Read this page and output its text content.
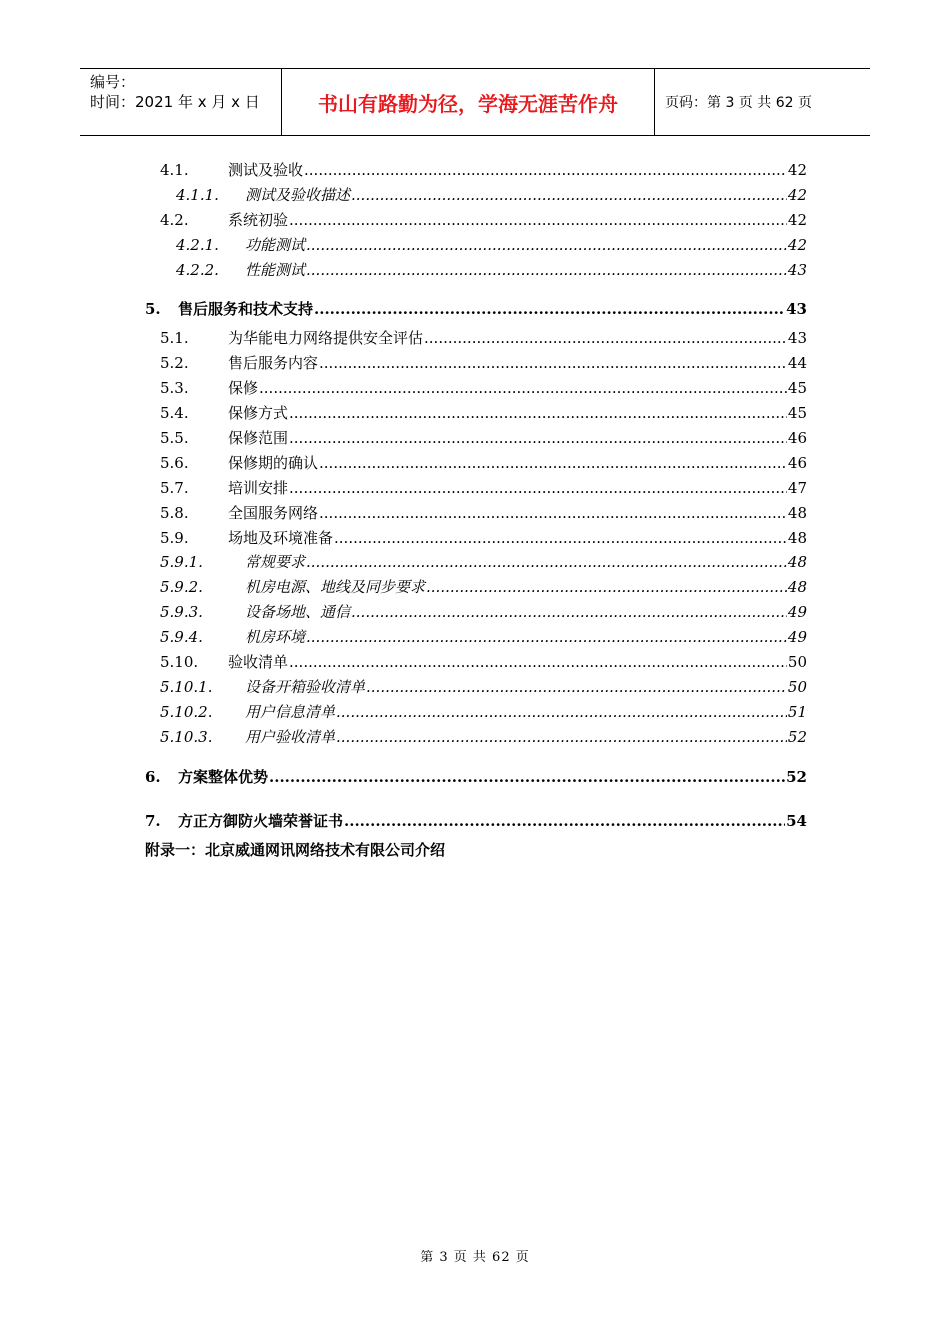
编号：
时间：2021 年 x 月 x 日	书山有路勤为径，学海无涯苦作舟	页码：第 3 页 共 62 页
4.1.	测试及验收 .....	42
4.1.1.	测试及验收描述 .....	42
4.2.	系统初验 .....	42
4.2.1.	功能测试 .....	42
4.2.2.	性能测试 .....	43
5.	售后服务和技术支持 .....	43
5.1.	为华能电力网络提供安全评估 .....	43
5.2.	售后服务内容 .....	44
5.3.	保修 .....	45
5.4.	保修方式 .....	45
5.5.	保修范围 .....	46
5.6.	保修期的确认 .....	46
5.7.	培训安排 .....	47
5.8.	全国服务网络 .....	48
5.9.	场地及环境准备 .....	48
5.9.1.	常规要求 .....	48
5.9.2.	机房电源、地线及同步要求 .....	48
5.9.3.	设备场地、通信 .....	49
5.9.4.	机房环境 .....	49
5.10.	验收清单 .....	50
5.10.1.	设备开箱验收清单 .....	50
5.10.2.	用户信息清单 .....	51
5.10.3.	用户验收清单 .....	52
6.	方案整体优势 .....	52
7.	方正方御防火墙荣誉证书 .....	54
附录一：北京威通网讯网络技术有限公司介绍
第 3 页 共 62 页
